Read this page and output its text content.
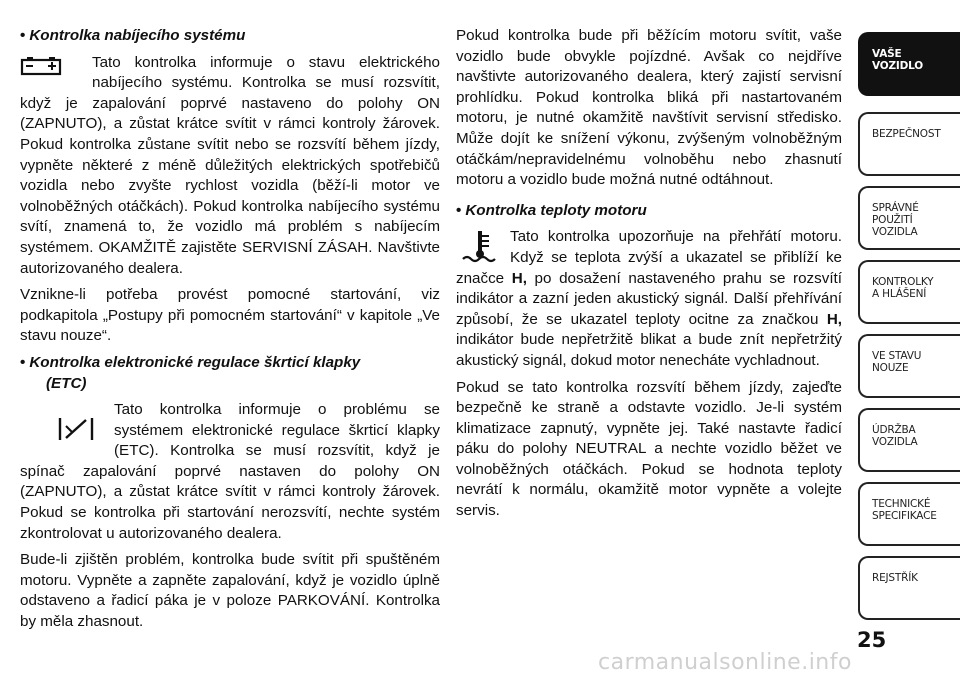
• Kontrolka nabíjecího systému

Tato kontrolka informuje o stavu elektrického nabíjecího systému. Kontrolka se musí rozsvítit, když je zapalování poprvé nastaveno do polohy ON (ZAPNUTO), a zůstat krátce svítit v rámci kontroly žárovek. Pokud kontrolka zůstane svítit nebo se rozsvítí během jízdy, vypněte některé z méně důležitých elektrických spotřebičů vozidla nebo zvyšte rychlost vozidla (běží-li motor ve volnoběžných otáčkách). Pokud kontrolka nabíjecího systému svítí, znamená to, že vozidlo má problém s nabíjecím systémem. OKAMŽITĚ zajistěte SERVISNÍ ZÁSAH. Navštivte autorizovaného dealera.

Vznikne-li potřeba provést pomocné startování, viz podkapitola „Postupy při pomocném startování“ v kapitole „Ve stavu nouze“.

• Kontrolka elektronické regulace škrticí klapky
(ETC)

Tato kontrolka informuje o problému se systémem elektronické regulace škrticí klapky (ETC). Kontrolka se musí rozsvítit, když je spínač zapalování poprvé nastaven do polohy ON (ZAPNUTO), a zůstat krátce svítit v rámci kontroly žárovek. Pokud se kontrolka při startování nerozsvítí, nechte systém zkontrolovat u autorizovaného dealera.

Bude-li zjištěn problém, kontrolka bude svítit při spuštěném motoru. Vypněte a zapněte zapalování, když je vozidlo úplně odstaveno a řadicí páka je v poloze PARKOVÁNÍ. Kontrolka by měla zhasnout.

Pokud kontrolka bude při běžícím motoru svítit, vaše vozidlo bude obvykle pojízdné. Avšak co nejdříve navštivte autorizovaného dealera, který zajistí servisní prohlídku. Pokud kontrolka bliká při nastartovaném motoru, je nutné okamžitě navštívit servisní středisko. Může dojít ke snížení výkonu, zvýšeným volnoběžným otáčkám/nepravidelnému volnoběhu nebo zhasnutí motoru a vozidlo bude možná nutné odtáhnout.

• Kontrolka teploty motoru

Tato kontrolka upozorňuje na přehřátí motoru. Když se teplota zvýší a ukazatel se přiblíží ke značce H, po dosažení nastaveného prahu se rozsvítí indikátor a zazní jeden akustický signál. Další přehřívání způsobí, že se ukazatel teploty ocitne za značkou H, indikátor bude nepřetržitě blikat a bude znít nepřetržitý akustický signál, dokud motor nenecháte vychladnout.

Pokud se tato kontrolka rozsvítí během jízdy, zajeďte bezpečně ke straně a odstavte vozidlo. Je-li systém klimatizace zapnutý, vypněte jej. Také nastavte řadicí páku do polohy NEUTRAL a nechte vozidlo běžet ve volnoběžných otáčkách. Pokud se hodnota teploty nevrátí k normálu, okamžitě motor vypněte a volejte servis.

VAŠE
VOZIDLO
BEZPEČNOST
SPRÁVNÉ
POUŽITÍ
VOZIDLA
KONTROLKY
A HLÁŠENÍ
VE STAVU
NOUZE
ÚDRŽBA
VOZIDLA
TECHNICKÉ
SPECIFIKACE
REJSTŘÍK
25
carmanualsonline.info
